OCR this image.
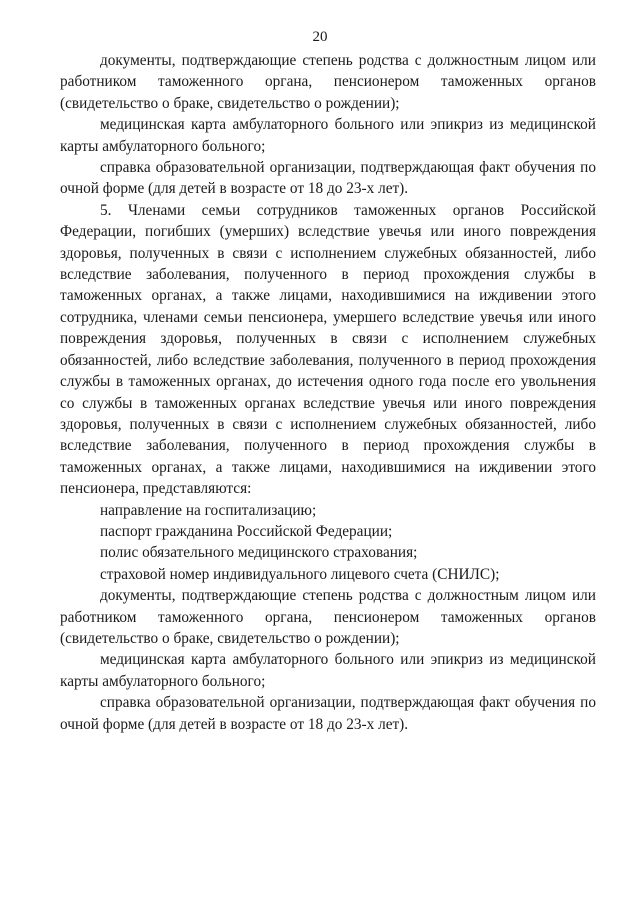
20

документы, подтверждающие степень родства с должностным лицом или работником таможенного органа, пенсионером таможенных органов (свидетельство о браке, свидетельство о рождении);

медицинская карта амбулаторного больного или эпикриз из медицинской карты амбулаторного больного;

справка образовательной организации, подтверждающая факт обучения по очной форме (для детей в возрасте от 18 до 23-х лет).

5. Членами семьи сотрудников таможенных органов Российской Федерации, погибших (умерших) вследствие увечья или иного повреждения здоровья, полученных в связи с исполнением служебных обязанностей, либо вследствие заболевания, полученного в период прохождения службы в таможенных органах, а также лицами, находившимися на иждивении этого сотрудника, членами семьи пенсионера, умершего вследствие увечья или иного повреждения здоровья, полученных в связи с исполнением служебных обязанностей, либо вследствие заболевания, полученного в период прохождения службы в таможенных органах, до истечения одного года после его увольнения со службы в таможенных органах вследствие увечья или иного повреждения здоровья, полученных в связи с исполнением служебных обязанностей, либо вследствие заболевания, полученного в период прохождения службы в таможенных органах, а также лицами, находившимися на иждивении этого пенсионера, представляются:

направление на госпитализацию;

паспорт гражданина Российской Федерации;

полис обязательного медицинского страхования;

страховой номер индивидуального лицевого счета (СНИЛС);

документы, подтверждающие степень родства с должностным лицом или работником таможенного органа, пенсионером таможенных органов (свидетельство о браке, свидетельство о рождении);

медицинская карта амбулаторного больного или эпикриз из медицинской карты амбулаторного больного;

справка образовательной организации, подтверждающая факт обучения по очной форме (для детей в возрасте от 18 до 23-х лет).
